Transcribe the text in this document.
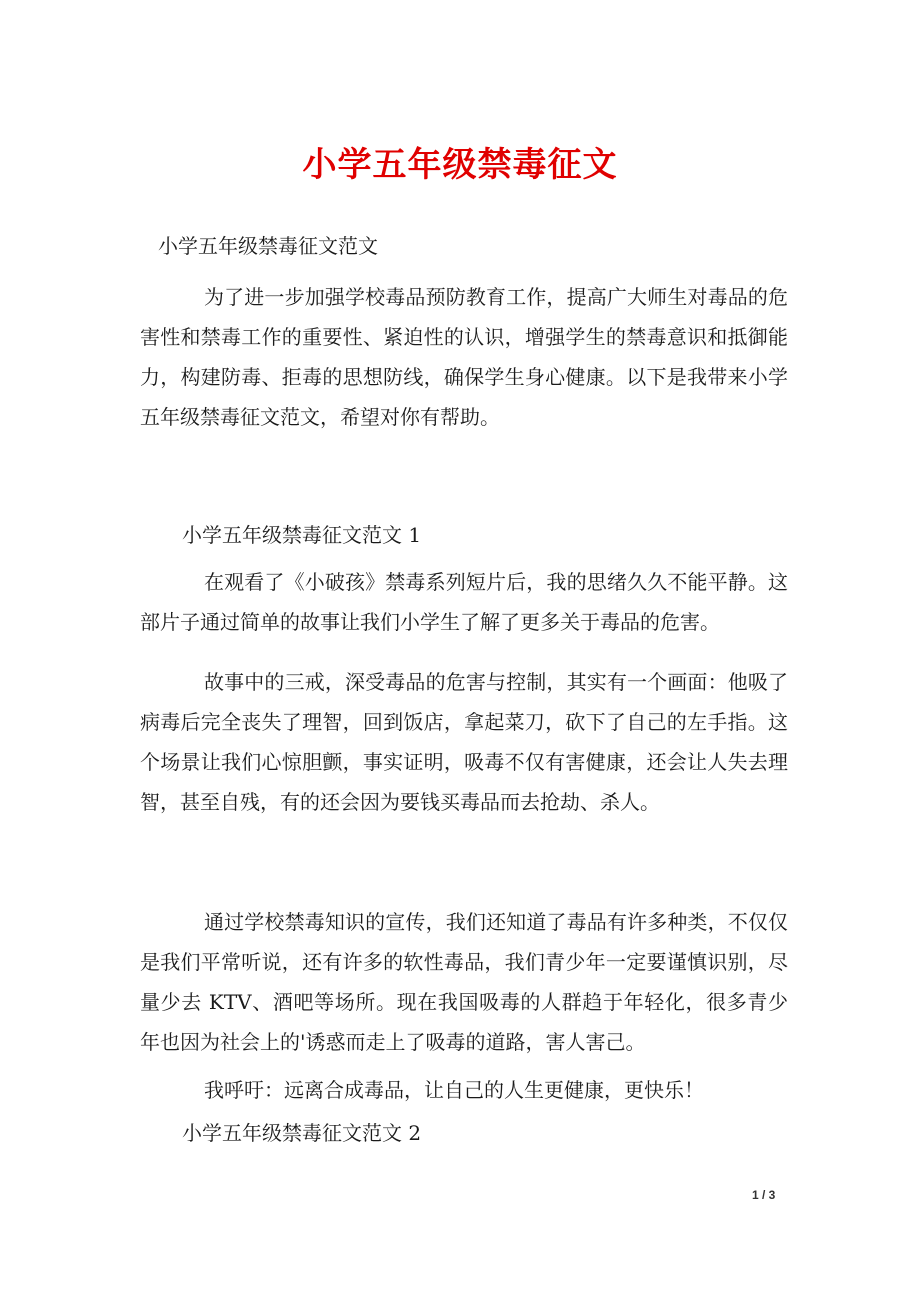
小学五年级禁毒征文
小学五年级禁毒征文范文
为了进一步加强学校毒品预防教育工作，提高广大师生对毒品的危害性和禁毒工作的重要性、紧迫性的认识，增强学生的禁毒意识和抵御能力，构建防毒、拒毒的思想防线，确保学生身心健康。以下是我带来小学五年级禁毒征文范文，希望对你有帮助。
小学五年级禁毒征文范文 1
在观看了《小破孩》禁毒系列短片后，我的思绪久久不能平静。这部片子通过简单的故事让我们小学生了解了更多关于毒品的危害。
故事中的三戒，深受毒品的危害与控制，其实有一个画面：他吸了病毒后完全丧失了理智，回到饭店，拿起菜刀，砍下了自己的左手指。这个场景让我们心惊胆颤，事实证明，吸毒不仅有害健康，还会让人失去理智，甚至自残，有的还会因为要钱买毒品而去抢劫、杀人。
通过学校禁毒知识的宣传，我们还知道了毒品有许多种类，不仅仅是我们平常听说，还有许多的软性毒品，我们青少年一定要谨慎识别，尽量少去 KTV、酒吧等场所。现在我国吸毒的人群趋于年轻化，很多青少年也因为社会上的'诱惑而走上了吸毒的道路，害人害己。
我呼吁：远离合成毒品，让自己的人生更健康，更快乐！
小学五年级禁毒征文范文 2
1 / 3
